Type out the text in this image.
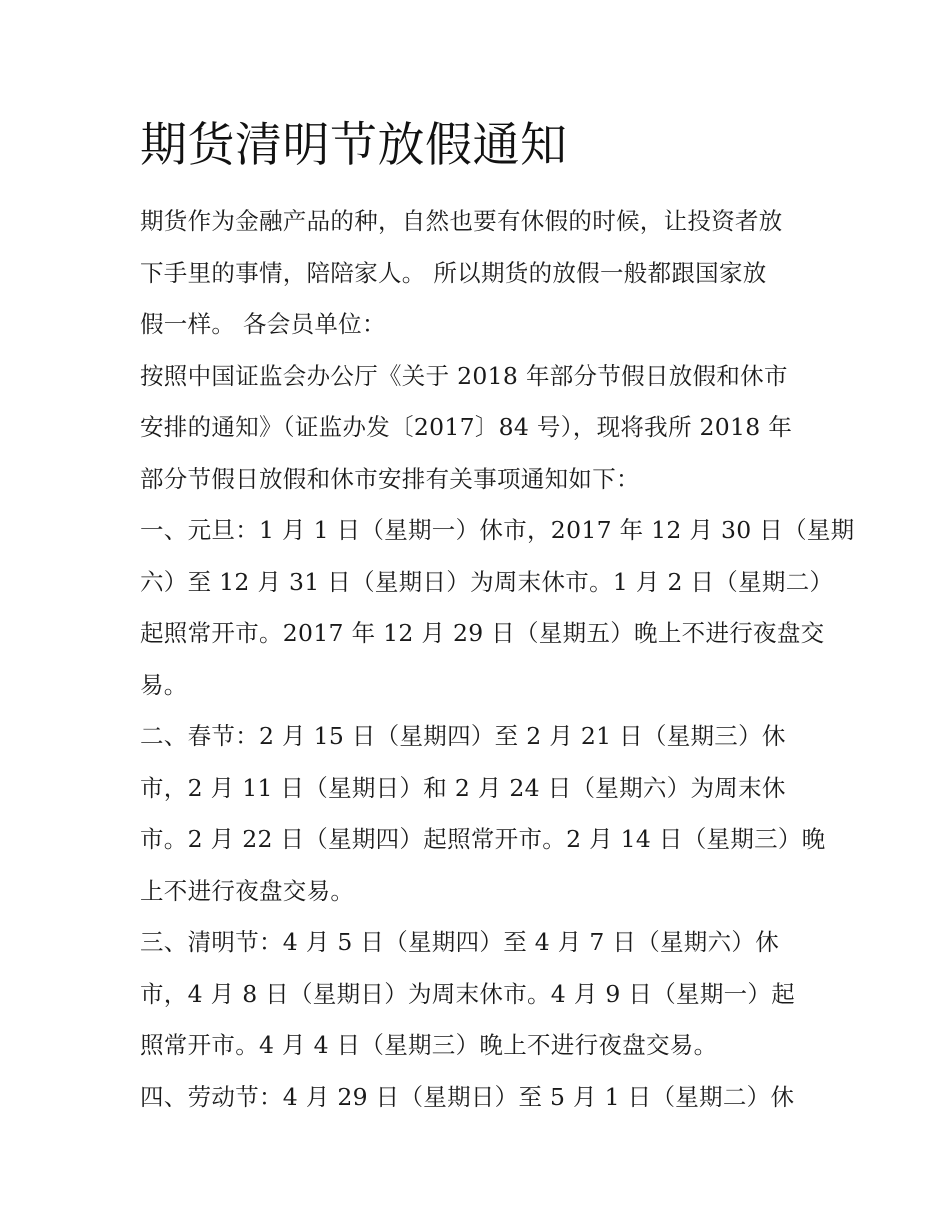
期货清明节放假通知
期货作为金融产品的种，自然也要有休假的时候，让投资者放
下手里的事情，陪陪家人。 所以期货的放假一般都跟国家放
假一样。 各会员单位：
按照中国证监会办公厅《关于 2018 年部分节假日放假和休市
安排的通知》（证监办发〔2017〕84 号），现将我所 2018 年
部分节假日放假和休市安排有关事项通知如下：
一、元旦：1 月 1 日（星期一）休市，2017 年 12 月 30 日（星期
六）至 12 月 31 日（星期日）为周末休市。1 月 2 日（星期二）
起照常开市。2017 年 12 月 29 日（星期五）晚上不进行夜盘交
易。
二、春节：2 月 15 日（星期四）至 2 月 21 日（星期三）休
市，2 月 11 日（星期日）和 2 月 24 日（星期六）为周末休
市。2 月 22 日（星期四）起照常开市。2 月 14 日（星期三）晚
上不进行夜盘交易。
三、清明节：4 月 5 日（星期四）至 4 月 7 日（星期六）休
市，4 月 8 日（星期日）为周末休市。4 月 9 日（星期一）起
照常开市。4 月 4 日（星期三）晚上不进行夜盘交易。
四、劳动节：4 月 29 日（星期日）至 5 月 1 日（星期二）休
